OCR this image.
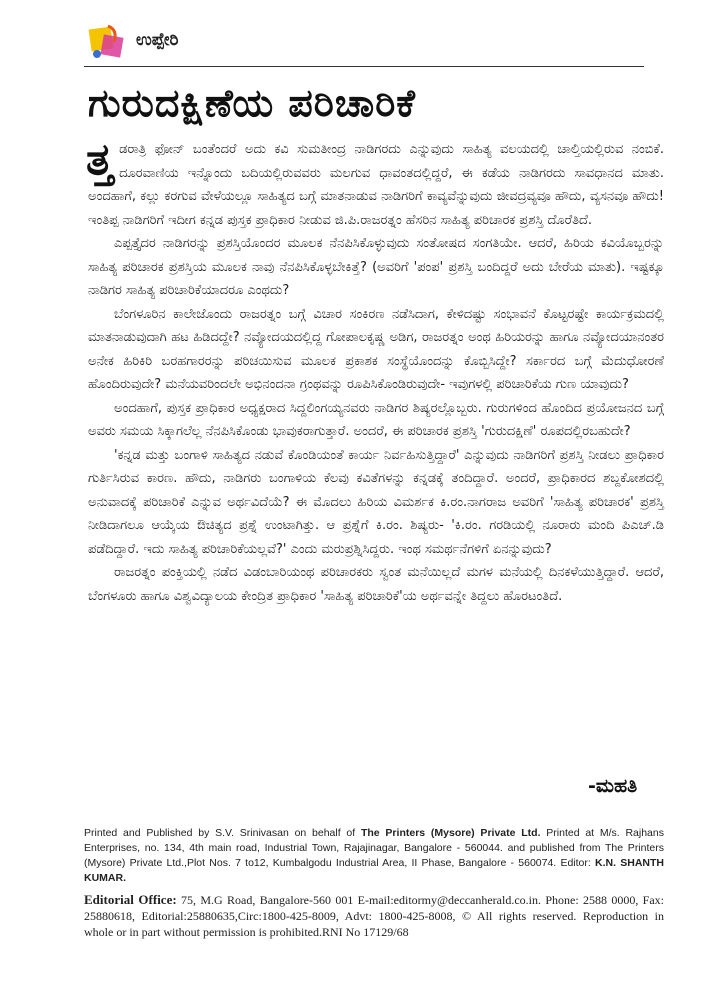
ಉಪ್ಪೇರಿ
ಗುರುದಕ್ಷಿಣೆಯ ಪರಿಚಾರಿಕೆ

ತ್ತ ಡರಾತ್ರಿ ಫೋನ್ ಬಂತೆಂದರೆ ಅದು ಕವಿ ಸುಮತೀಂದ್ರ ನಾಡಿಗರದು ಎನ್ನುವುದು ಸಾಹಿತ್ಯ ವಲಯದಲ್ಲಿ ಚಾಲ್ತಿಯಲ್ಲಿರುವ ನಂಬಿಕೆ. ದೂರವಾಣಿಯ ಇನ್ನೊಂದು ಬದಿಯಲ್ಲಿರುವವರು ಮಲಗುವ ಧಾವಂತದಲ್ಲಿದ್ದರೆ, ಈ ಕಡೆಯ ನಾಡಿಗರದು ಸಾವಧಾನದ ಮಾತು. ಅಂದಹಾಗೆ, ಕಲ್ಲು ಕರಗುವ ವೇಳೆಯಲ್ಲೂ ಸಾಹಿತ್ಯದ ಬಗ್ಗೆ ಮಾತನಾಡುವ ನಾಡಿಗರಿಗೆ ಕಾವ್ಯವೆನ್ನುವುದು ಜೀವದ್ರವ್ಯವೂ ಹೌದು, ವ್ಯಸನವೂ ಹೌದು! ಇಂತಿಪ್ಪ ನಾಡಿಗರಿಗೆ ಇದೀಗ ಕನ್ನಡ ಪುಸ್ತಕ ಪ್ರಾಧಿಕಾರ ನೀಡುವ ಜಿ.ಪಿ.ರಾಜರತ್ನಂ ಹೆಸರಿನ ಸಾಹಿತ್ಯ ಪರಿಚಾರಕ ಪ್ರಶಸ್ತಿ ದೊರೆತಿದೆ.

ಎಪ್ಪತ್ತೈದರ ನಾಡಿಗರನ್ನು ಪ್ರಶಸ್ತಿಯೊಂದರ ಮೂಲಕ ನೆನಪಿಸಿಕೊಳ್ಳುವುದು ಸಂತೋಷದ ಸಂಗತಿಯೇ. ಆದರೆ, ಹಿರಿಯ ಕವಿಯೊಬ್ಬರನ್ನು ಸಾಹಿತ್ಯ ಪರಿಚಾರಕ ಪ್ರಶಸ್ತಿಯ ಮೂಲಕ ನಾವು ನೆನಪಿಸಿಕೊಳ್ಳಬೇಕಿತ್ತೆ? (ಅವರಿಗೆ 'ಪಂಪ' ಪ್ರಶಸ್ತಿ ಬಂದಿದ್ದರೆ ಅದು ಬೇರೆಯ ಮಾತು). ಇಷ್ಟಕ್ಕೂ ನಾಡಿಗರ ಸಾಹಿತ್ಯ ಪರಿಚಾರಿಕೆಯಾದರೂ ಎಂಥದು?

ಬೆಂಗಳೂರಿನ ಕಾಲೇಜೊಂದು ರಾಜರತ್ನಂ ಬಗ್ಗೆ ವಿಚಾರ ಸಂಕಿರಣ ನಡೆಸಿದಾಗ, ಕೇಳಿದಷ್ಟು ಸಂಭಾವನೆ ಕೊಟ್ಟರಷ್ಟೇ ಕಾರ್ಯಕ್ರಮದಲ್ಲಿ ಮಾತನಾಡುವುದಾಗಿ ಹಟ ಹಿಡಿದದ್ದೇ? ನವ್ಯೋದಯದಲ್ಲಿದ್ದ ಗೋಪಾಲಕೃಷ್ಣ ಅಡಿಗ, ರಾಜರತ್ನಂ ಅಂಥ ಹಿರಿಯರನ್ನು ಹಾಗೂ ನವ್ಯೋದಯಾನಂತರ ಅನೇಕ ಹಿರಿಕಿರಿ ಬರಹಗಾರರನ್ನು ಪರಿಚಯಿಸುವ ಮೂಲಕ ಪ್ರಕಾಶಕ ಸಂಸ್ಥೆಯೊಂದನ್ನು ಕೊಬ್ಬಿಸಿದ್ದೇ? ಸರ್ಕಾರದ ಬಗ್ಗೆ ಮೆದುಧೋರಣೆ ಹೊಂದಿರುವುದೇ? ಮನೆಯವರಿಂದಲೇ ಅಭಿನಂದನಾ ಗ್ರಂಥವನ್ನು ರೂಪಿಸಿಕೊಂಡಿರುವುದೇ- ಇವುಗಳಲ್ಲಿ ಪರಿಚಾರಿಕೆಯ ಗುಣ ಯಾವುದು?

ಅಂದಹಾಗೆ, ಪುಸ್ತಕ ಪ್ರಾಧಿಕಾರ ಅಧ್ಯಕ್ಷರಾದ ಸಿದ್ದಲಿಂಗಯ್ಯನವರು ನಾಡಿಗರ ಶಿಷ್ಯರಲ್ಲೊಬ್ಬರು. ಗುರುಗಳಿಂದ ಹೊಂದಿದ ಪ್ರಯೋಜನದ ಬಗ್ಗೆ ಅವರು ಸಮಯ ಸಿಕ್ಕಾಗಲೆಲ್ಲ ನೆನಪಿಸಿಕೊಂಡು ಭಾವುಕರಾಗುತ್ತಾರೆ. ಅಂದರೆ, ಈ ಪರಿಚಾರಕ ಪ್ರಶಸ್ತಿ 'ಗುರುದಕ್ಷಿಣೆ' ರೂಪದಲ್ಲಿರಬಹುದೇ?

'ಕನ್ನಡ ಮತ್ತು ಬಂಗಾಳಿ ಸಾಹಿತ್ಯದ ನಡುವೆ ಕೊಂಡಿಯಂತೆ ಕಾರ್ಯ ನಿರ್ವಹಿಸುತ್ತಿದ್ದಾರೆ' ಎನ್ನುವುದು ನಾಡಿಗರಿಗೆ ಪ್ರಶಸ್ತಿ ನೀಡಲು ಪ್ರಾಧಿಕಾರ ಗುರ್ತಿಸಿರುವ ಕಾರಣ. ಹೌದು, ನಾಡಿಗರು ಬಂಗಾಳಿಯ ಕೆಲವು ಕವಿತೆಗಳನ್ನು ಕನ್ನಡಕ್ಕೆ ತಂದಿದ್ದಾರೆ. ಅಂದರೆ, ಪ್ರಾಧಿಕಾರದ ಶಬ್ದಕೋಶದಲ್ಲಿ ಅನುವಾದಕ್ಕೆ ಪರಿಚಾರಿಕೆ ಎನ್ನುವ ಅರ್ಥವಿದೆಯೆ? ಈ ಮೊದಲು ಹಿರಿಯ ವಿಮರ್ಶಕ ಕಿ.ರಂ.ನಾಗರಾಜ ಅವರಿಗೆ 'ಸಾಹಿತ್ಯ ಪರಿಚಾರಕ' ಪ್ರಶಸ್ತಿ ನೀಡಿದಾಗಲೂ ಆಯ್ಕೆಯ ಔಚಿತ್ಯದ ಪ್ರಶ್ನೆ ಉಂಟಾಗಿತ್ತು. ಆ ಪ್ರಶ್ನೆಗೆ ಕಿ.ರಂ. ಶಿಷ್ಯರು- 'ಕಿ.ರಂ. ಗರಡಿಯಲ್ಲಿ ನೂರಾರು ಮಂದಿ ಪಿಎಚ್.ಡಿ ಪಡೆದಿದ್ದಾರೆ. ಇದು ಸಾಹಿತ್ಯ ಪರಿಚಾರಿಕೆಯಲ್ಲವೆ?' ಎಂದು ಮರುಪ್ರಶ್ನಿಸಿದ್ದರು. ಇಂಥ ಸಮರ್ಥನೆಗಳಿಗೆ ಏನನ್ನುವುದು?

ರಾಜರತ್ನಂ ಪಂಕ್ತಿಯಲ್ಲಿ ನಡೆದ ವಿಡಂಬಾರಿಯಂಥ ಪರಿಚಾರಕರು ಸ್ವಂತ ಮನೆಯಿಲ್ಲದೆ ಮಗಳ ಮನೆಯಲ್ಲಿ ದಿನಕಳೆಯುತ್ತಿದ್ದಾರೆ. ಆದರೆ, ಬೆಂಗಳೂರು ಹಾಗೂ ವಿಶ್ವವಿದ್ಯಾಲಯ ಕೇಂದ್ರಿತ ಪ್ರಾಧಿಕಾರ 'ಸಾಹಿತ್ಯ ಪರಿಚಾರಿಕೆ'ಯ ಅರ್ಥವನ್ನೇ ತಿದ್ದಲು ಹೊರಟಂತಿದೆ.

-ಮಹತಿ

Printed and Published by S.V. Srinivasan on behalf of The Printers (Mysore) Private Ltd. Printed at M/s. Rajhans Enterprises, no. 134, 4th main road, Industrial Town, Rajajinagar, Bangalore - 560044. and published from The Printers (Mysore) Private Ltd.,Plot Nos. 7 to12, Kumbalgodu Industrial Area, II Phase, Bangalore - 560074. Editor: K.N. SHANTH KUMAR.

Editorial Office: 75, M.G Road, Bangalore-560 001 E-mail:editormy@deccanherald.co.in. Phone: 2588 0000, Fax: 25880618, Editorial:25880635,Circ:1800-425-8009, Advt: 1800-425-8008, © All rights reserved. Reproduction in whole or in part without permission is prohibited.RNI No 17129/68
